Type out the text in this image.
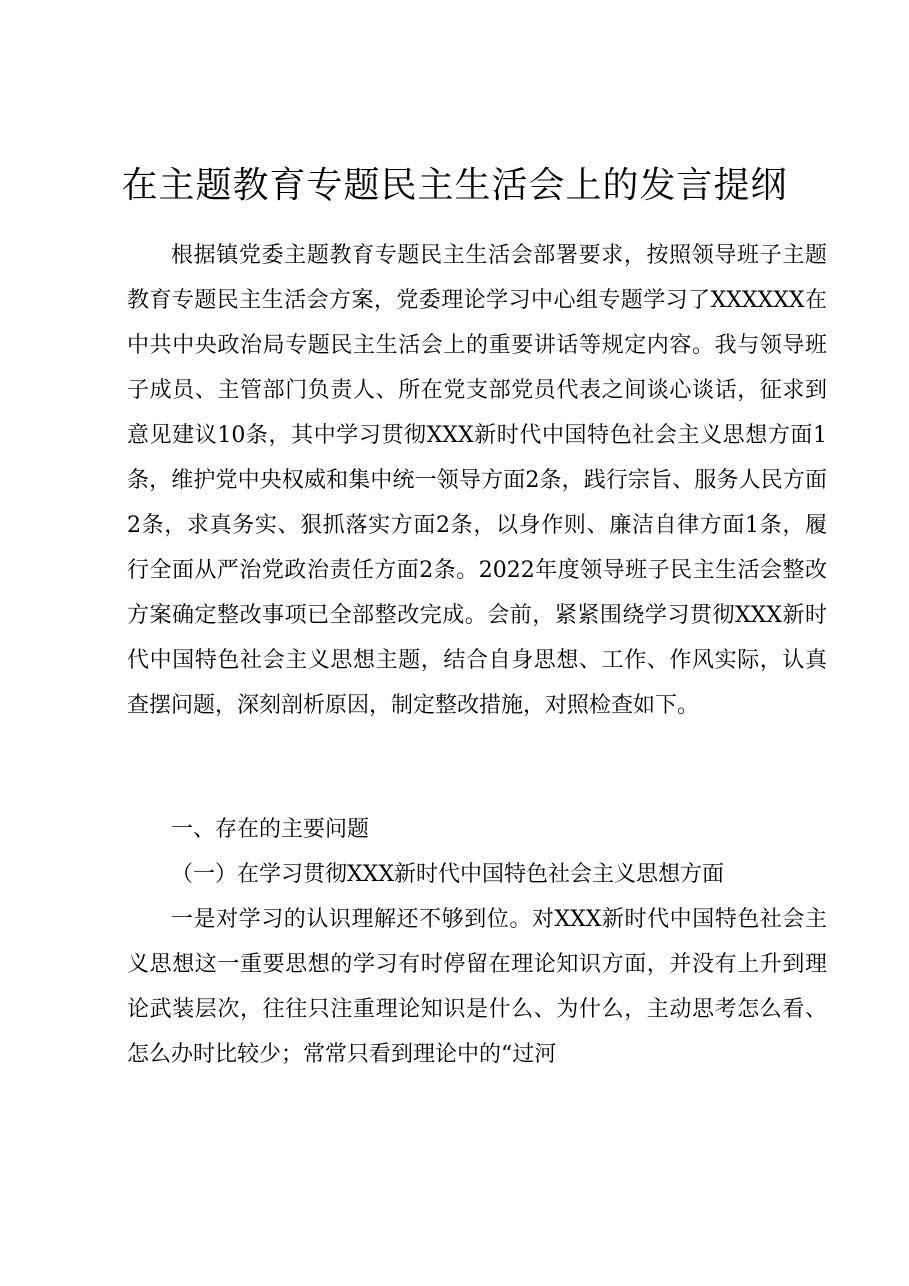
在主题教育专题民主生活会上的发言提纲

根据镇党委主题教育专题民主生活会部署要求，按照领导班子主题教育专题民主生活会方案，党委理论学习中心组专题学习了XXXXXX在中共中央政治局专题民主生活会上的重要讲话等规定内容。我与领导班子成员、主管部门负责人、所在党支部党员代表之间谈心谈话，征求到意见建议10条，其中学习贯彻XXX新时代中国特色社会主义思想方面1条，维护党中央权威和集中统一领导方面2条，践行宗旨、服务人民方面2条，求真务实、狠抓落实方面2条，以身作则、廉洁自律方面1条，履行全面从严治党政治责任方面2条。2022年度领导班子民主生活会整改方案确定整改事项已全部整改完成。会前，紧紧围绕学习贯彻XXX新时代中国特色社会主义思想主题，结合自身思想、工作、作风实际，认真查摆问题，深刻剖析原因，制定整改措施，对照检查如下。

一、存在的主要问题
（一）在学习贯彻XXX新时代中国特色社会主义思想方面

一是对学习的认识理解还不够到位。对XXX新时代中国特色社会主义思想这一重要思想的学习有时停留在理论知识方面，并没有上升到理论武装层次，往往只注重理论知识是什么、为什么，主动思考怎么看、怎么办时比较少；常常只看到理论中的“过河
